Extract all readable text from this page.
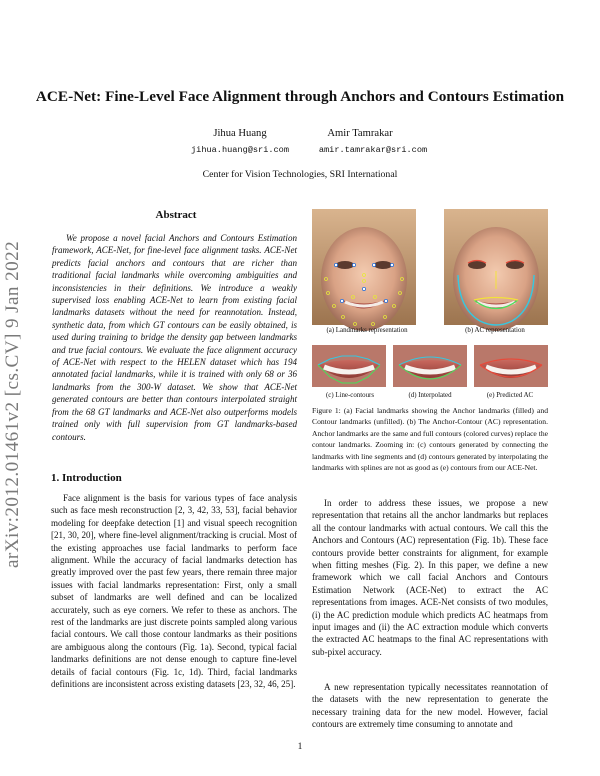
arXiv:2012.01461v2 [cs.CV] 9 Jan 2022
ACE-Net: Fine-Level Face Alignment through Anchors and Contours Estimation
Jihua Huang
jihua.huang@sri.com
Amir Tamrakar
amir.tamrakar@sri.com
Center for Vision Technologies, SRI International
Abstract
We propose a novel facial Anchors and Contours Estimation framework, ACE-Net, for fine-level face alignment tasks. ACE-Net predicts facial anchors and contours that are richer than traditional facial landmarks while overcoming ambiguities and inconsistencies in their definitions. We introduce a weakly supervised loss enabling ACE-Net to learn from existing facial landmarks datasets without the need for reannotation. Instead, synthetic data, from which GT contours can be easily obtained, is used during training to bridge the density gap between landmarks and true facial contours. We evaluate the face alignment accuracy of ACE-Net with respect to the HELEN dataset which has 194 annotated facial landmarks, while it is trained with only 68 or 36 landmarks from the 300-W dataset. We show that ACE-Net generated contours are better than contours interpolated straight from the 68 GT landmarks and ACE-Net also outperforms models trained only with full supervision from GT landmarks-based contours.
1. Introduction
Face alignment is the basis for various types of face analysis such as face mesh reconstruction [2, 3, 42, 33, 53], facial behavior modeling for deepfake detection [1] and visual speech recognition [21, 30, 20], where fine-level alignment/tracking is crucial. Most of the existing approaches use facial landmarks to perform face alignment. While the accuracy of facial landmarks detection has greatly improved over the past few years, there remain three major issues with facial landmarks representation: First, only a small subset of landmarks are well defined and can be localized accurately, such as eye corners. We refer to these as anchors. The rest of the landmarks are just discrete points sampled along various facial contours. We call those contour landmarks as their positions are ambiguous along the contours (Fig. 1a). Second, typical facial landmarks definitions are not dense enough to capture fine-level details of facial contours (Fig. 1c, 1d). Third, facial landmarks definitions are inconsistent across existing datasets [23, 32, 46, 25].
(a) Landmarks representation	(b) AC representation
(c) Line-contours	(d) Interpolated	(e) Predicted AC
Figure 1: (a) Facial landmarks showing the Anchor landmarks (filled) and Contour landmarks (unfilled). (b) The Anchor-Contour (AC) representation. Anchor landmarks are the same and full contours (colored curves) replace the contour landmarks. Zooming in: (c) contours generated by connecting the landmarks with line segments and (d) contours generated by interpolating the landmarks with splines are not as good as (e) contours from our ACE-Net.
In order to address these issues, we propose a new representation that retains all the anchor landmarks but replaces all the contour landmarks with actual contours. We call this the Anchors and Contours (AC) representation (Fig. 1b). These face contours provide better constraints for alignment, for example when fitting meshes (Fig. 2). In this paper, we define a new framework which we call facial Anchors and Contours Estimation Network (ACE-Net) to extract the AC representations from images. ACE-Net consists of two modules, (i) the AC prediction module which predicts AC heatmaps from input images and (ii) the AC extraction module which converts the extracted AC heatmaps to the final AC representations with sub-pixel accuracy.
A new representation typically necessitates reannotation of the datasets with the new representation to generate the necessary training data for the new model. However, facial contours are extremely time consuming to annotate and
1
